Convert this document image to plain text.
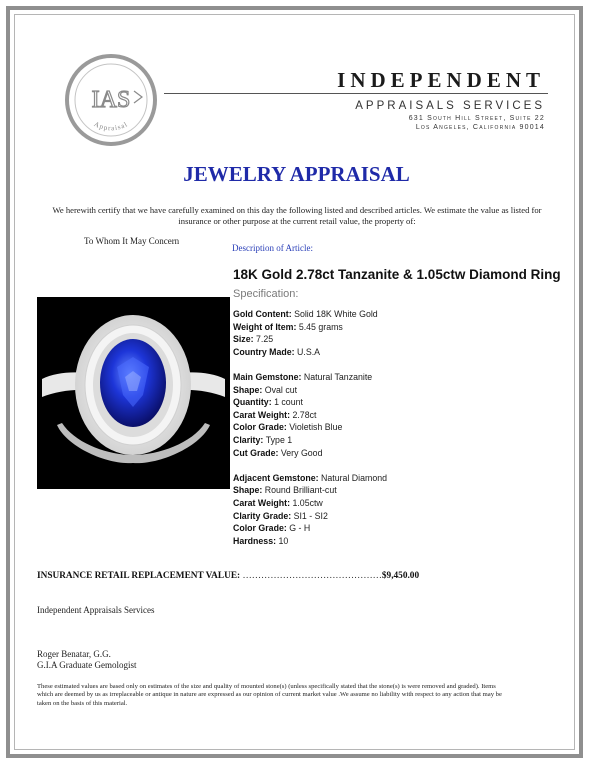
IAS
Appraisal
INDEPENDENT
APPRAISALS SERVICES
631 South Hill Street, Suite 22
Los Angeles, California 90014
JEWELRY APPRAISAL
We herewith certify that we have carefully examined on this day the following listed and described articles. We estimate the value as listed for insurance or other purpose at the current retail value, the property of:
To Whom It May Concern
Description of Article:
18K Gold 2.78ct Tanzanite & 1.05ctw Diamond Ring
Specification:
Gold Content: Solid 18K White Gold
Weight of Item: 5.45 grams
Size: 7.25
Country Made: U.S.A
Main Gemstone: Natural Tanzanite
Shape: Oval cut
Quantity: 1 count
Carat Weight: 2.78ct
Color Grade: Violetish Blue
Clarity: Type 1
Cut Grade: Very Good
Adjacent Gemstone: Natural Diamond
Shape: Round Brilliant-cut
Carat Weight: 1.05ctw
Clarity Grade: SI1 - SI2
Color Grade: G - H
Hardness: 10
INSURANCE RETAIL REPLACEMENT VALUE: ………………………………………$9,450.00
Independent Appraisals Services
Roger Benatar, G.G.
G.I.A Graduate Gemologist
These estimated values are based only on estimates of the size and quality of mounted stone(s) (unless specifically stated that the stone(s) is were removed and graded). Items which are deemed by us as irreplaceable or antique in nature are expressed as our opinion of current market value .We assume no liability with respect to any action that may be taken on the basis of this material.
